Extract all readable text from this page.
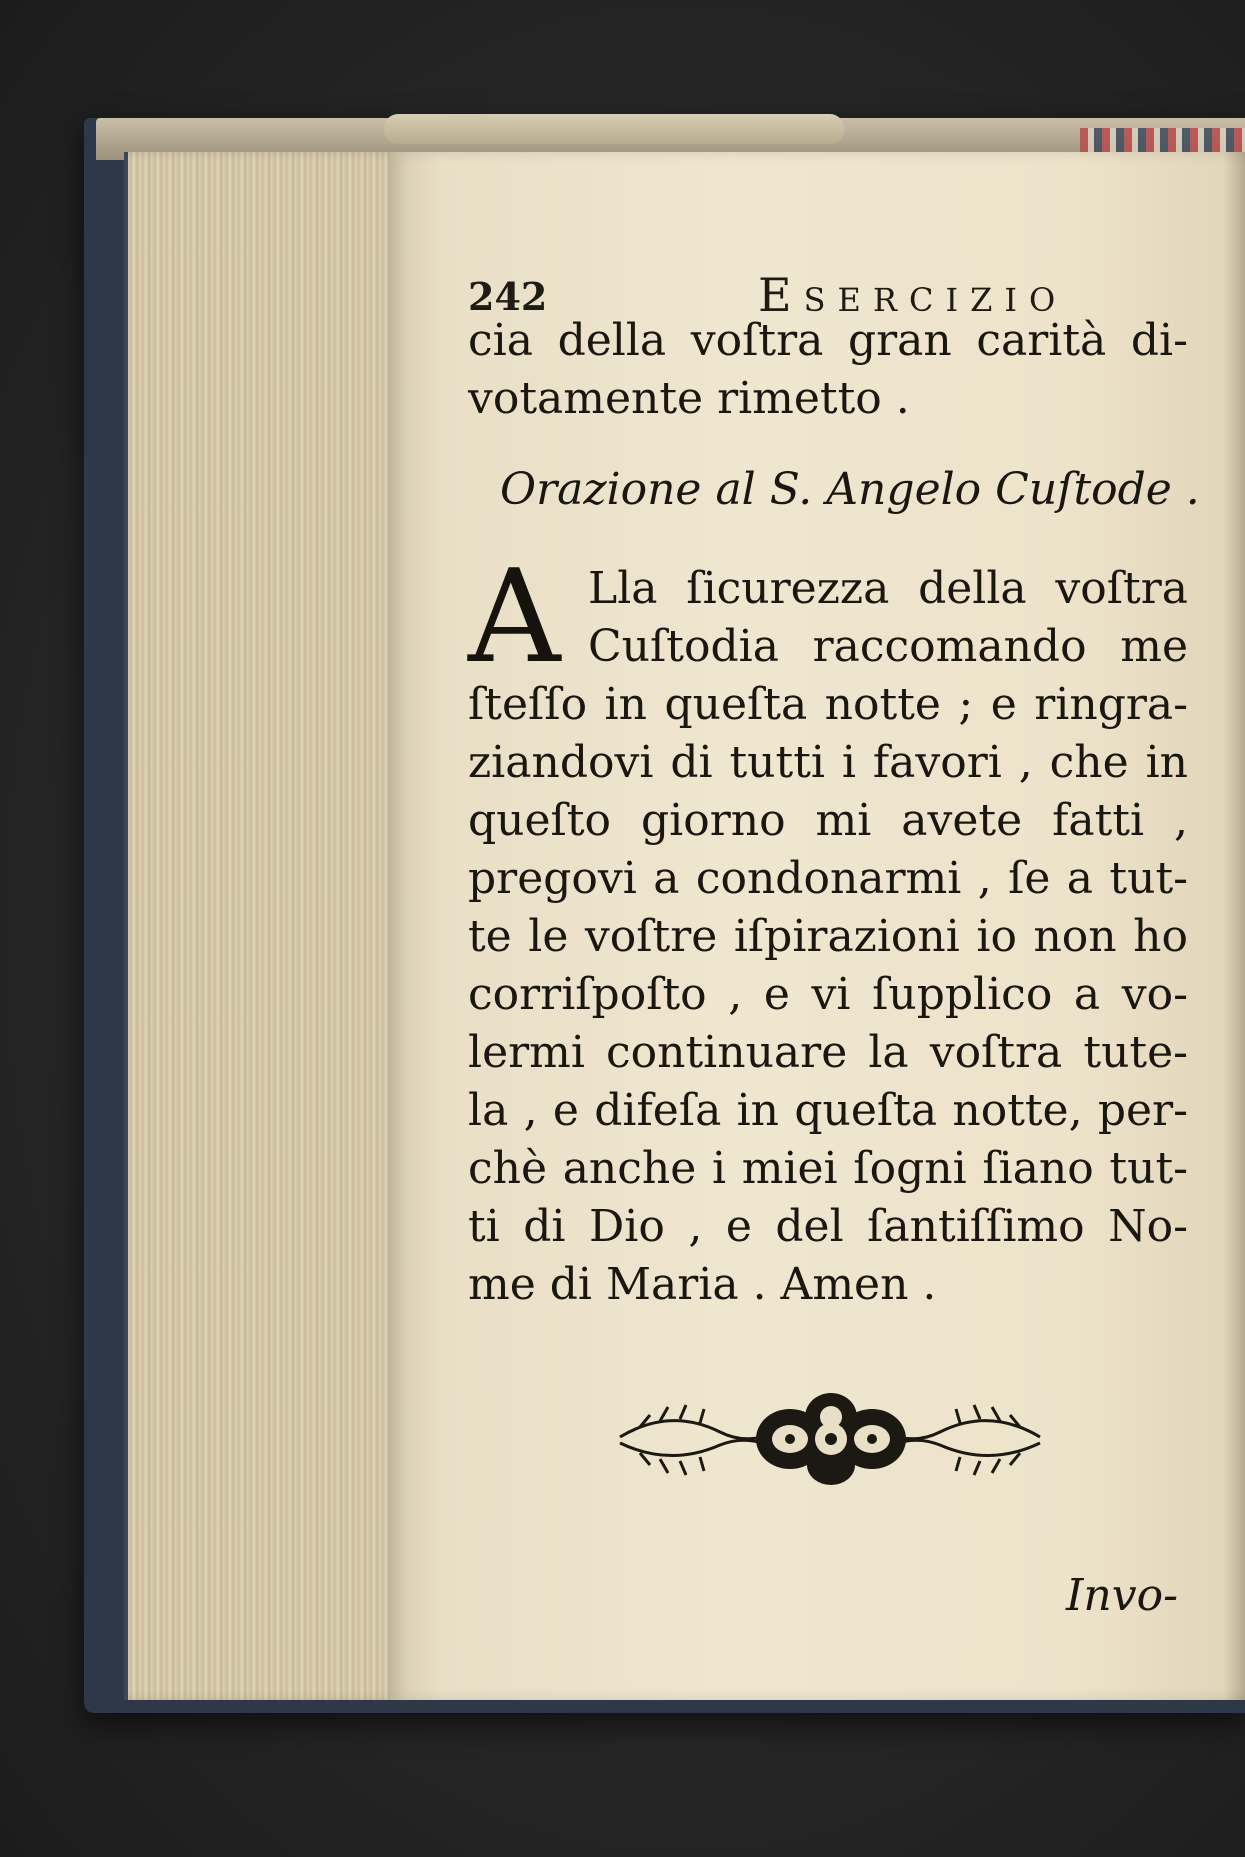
242	Esercizio
cia della voſtra gran carità di-
votamente rimetto .
Orazione al S. Angelo Cuſtode .
A Lla ſicurezza della voſtra
Cuſtodia raccomando me
ſteſſo in queſta notte ; e ringra-
ziandovi di tutti i favori , che in
queſto giorno mi avete fatti ,
pregovi a condonarmi , ſe a tut-
te le voſtre iſpirazioni io non ho
corriſpoſto , e vi ſupplico a vo-
lermi continuare la voſtra tute-
la , e difeſa in queſta notte, per-
chè anche i miei ſogni ſiano tut-
ti di Dio , e del ſantiſſimo No-
me di Maria . Amen .
Invo-
